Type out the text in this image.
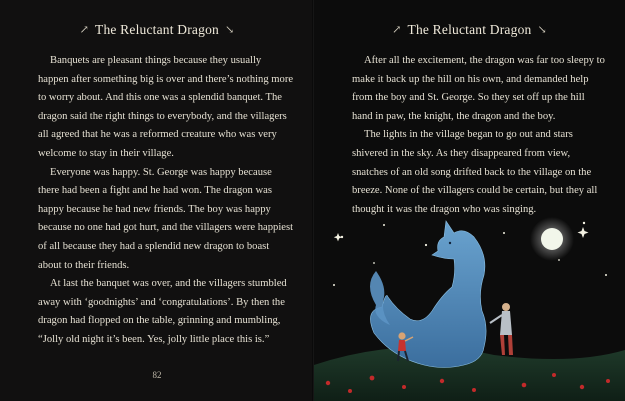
↗ The Reluctant Dragon ↘

Banquets are pleasant things because they usually happen after something big is over and there’s nothing more to worry about. And this one was a splendid banquet. The dragon said the right things to everybody, and the villagers all agreed that he was a reformed creature who was very welcome to stay in their village.

Everyone was happy. St. George was happy because there had been a fight and he had won. The dragon was happy because he had new friends. The boy was happy because no one had got hurt, and the villagers were happiest of all because they had a splendid new dragon to boast about to their friends.

At last the banquet was over, and the villagers stumbled away with ‘goodnights’ and ‘congratulations’. By then the dragon had flopped on the table, grinning and mumbling, “Jolly old night it’s been. Yes, jolly little place this is.”

82
↗ The Reluctant Dragon ↘

After all the excitement, the dragon was far too sleepy to make it back up the hill on his own, and demanded help from the boy and St. George. So they set off up the hill hand in paw, the knight, the dragon and the boy.

The lights in the village began to go out and stars shivered in the sky. As they disappeared from view, snatches of an old song drifted back to the village on the breeze. None of the villagers could be certain, but they all thought it was the dragon who was singing.
